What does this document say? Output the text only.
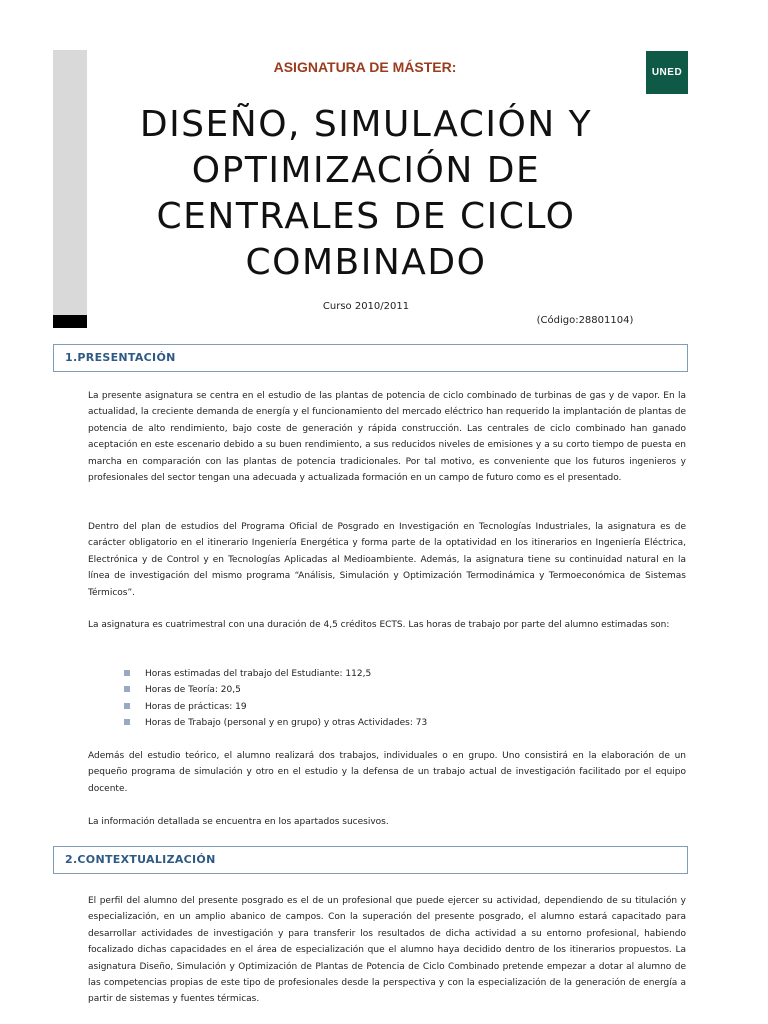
ASIGNATURA DE MÁSTER:	UNED
DISEÑO, SIMULACIÓN Y
OPTIMIZACIÓN DE
CENTRALES DE CICLO
COMBINADO
Curso 2010/2011
(Código:28801104)
1.PRESENTACIÓN

La presente asignatura se centra en el estudio de las plantas de potencia de ciclo combinado de turbinas de gas y de vapor. En la actualidad, la creciente demanda de energía y el funcionamiento del mercado eléctrico han requerido la implantación de plantas de potencia de alto rendimiento, bajo coste de generación y rápida construcción. Las centrales de ciclo combinado han ganado aceptación en este escenario debido a su buen rendimiento, a sus reducidos niveles de emisiones y a su corto tiempo de puesta en marcha en comparación con las plantas de potencia tradicionales. Por tal motivo, es conveniente que los futuros ingenieros y profesionales del sector tengan una adecuada y actualizada formación en un campo de futuro como es el presentado.

Dentro del plan de estudios del Programa Oficial de Posgrado en Investigación en Tecnologías Industriales, la asignatura es de carácter obligatorio en el itinerario Ingeniería Energética y forma parte de la optatividad en los itinerarios en Ingeniería Eléctrica, Electrónica y de Control y en Tecnologías Aplicadas al Medioambiente. Además, la asignatura tiene su continuidad natural en la línea de investigación del mismo programa “Análisis, Simulación y Optimización Termodinámica y Termoeconómica de Sistemas Térmicos”.

La asignatura es cuatrimestral con una duración de 4,5 créditos ECTS. Las horas de trabajo por parte del alumno estimadas son:

Horas estimadas del trabajo del Estudiante: 112,5
Horas de Teoría: 20,5
Horas de prácticas: 19
Horas de Trabajo (personal y en grupo) y otras Actividades: 73

Además del estudio teórico, el alumno realizará dos trabajos, individuales o en grupo. Uno consistirá en la elaboración de un pequeño programa de simulación y otro en el estudio y la defensa de un trabajo actual de investigación facilitado por el equipo docente.

La información detallada se encuentra en los apartados sucesivos.

2.CONTEXTUALIZACIÓN

El perfil del alumno del presente posgrado es el de un profesional que puede ejercer su actividad, dependiendo de su titulación y especialización, en un amplio abanico de campos. Con la superación del presente posgrado, el alumno estará capacitado para desarrollar actividades de investigación y para transferir los resultados de dicha actividad a su entorno profesional, habiendo focalizado dichas capacidades en el área de especialización que el alumno haya decidido dentro de los itinerarios propuestos. La asignatura Diseño, Simulación y Optimización de Plantas de Potencia de Ciclo Combinado pretende empezar a dotar al alumno de las competencias propias de este tipo de profesionales desde la perspectiva y con la especialización de la generación de energía a partir de sistemas y fuentes térmicas.
